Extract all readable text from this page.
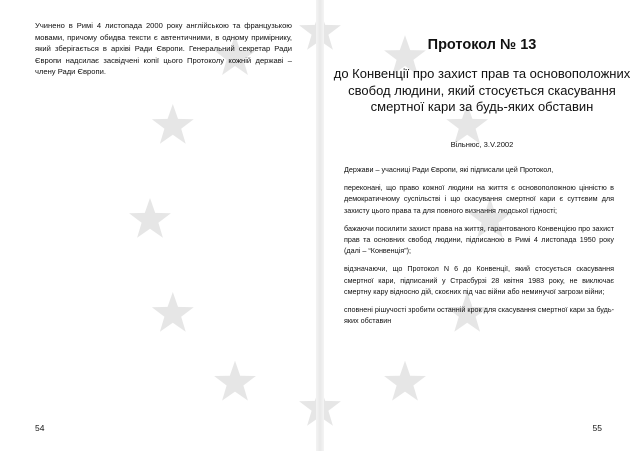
Учинено в Римі 4 листопада 2000 року англійською та французькою мовами, причому обидва тексти є автентичними, в одному примірнику, який зберігається в архіві Ради Європи. Генеральний секретар Ради Європи надсилає засвідчені копії цього Протоколу кожній державі – члену Ради Європи.

54
Протокол № 13
до Конвенції про захист прав та основоположних свобод людини, який стосується скасування смертної кари за будь-яких обставин
Вільнюс, 3.V.2002

Держави – учасниці Ради Європи, які підписали цей Протокол,

переконані, що право кожної людини на життя є основоположною цінністю в демократичному суспільстві і що скасування смертної кари є суттєвим для захисту цього права та для повного визнання людської гідності;

бажаючи посилити захист права на життя, гарантованого Конвенцією про захист прав та основних свобод людини, підписаною в Римі 4 листопада 1950 року (далі – “Конвенція”);

відзначаючи, що Протокол N 6 до Конвенції, який стосується скасування смертної кари, підписаний у Страсбурзі 28 квітня 1983 року, не виключає смертну кару відносно дій, скоєних під час війни або неминучої загрози війни;

сповнені рішучості зробити останній крок для скасування смертної кари за будь-яких обставин

55
